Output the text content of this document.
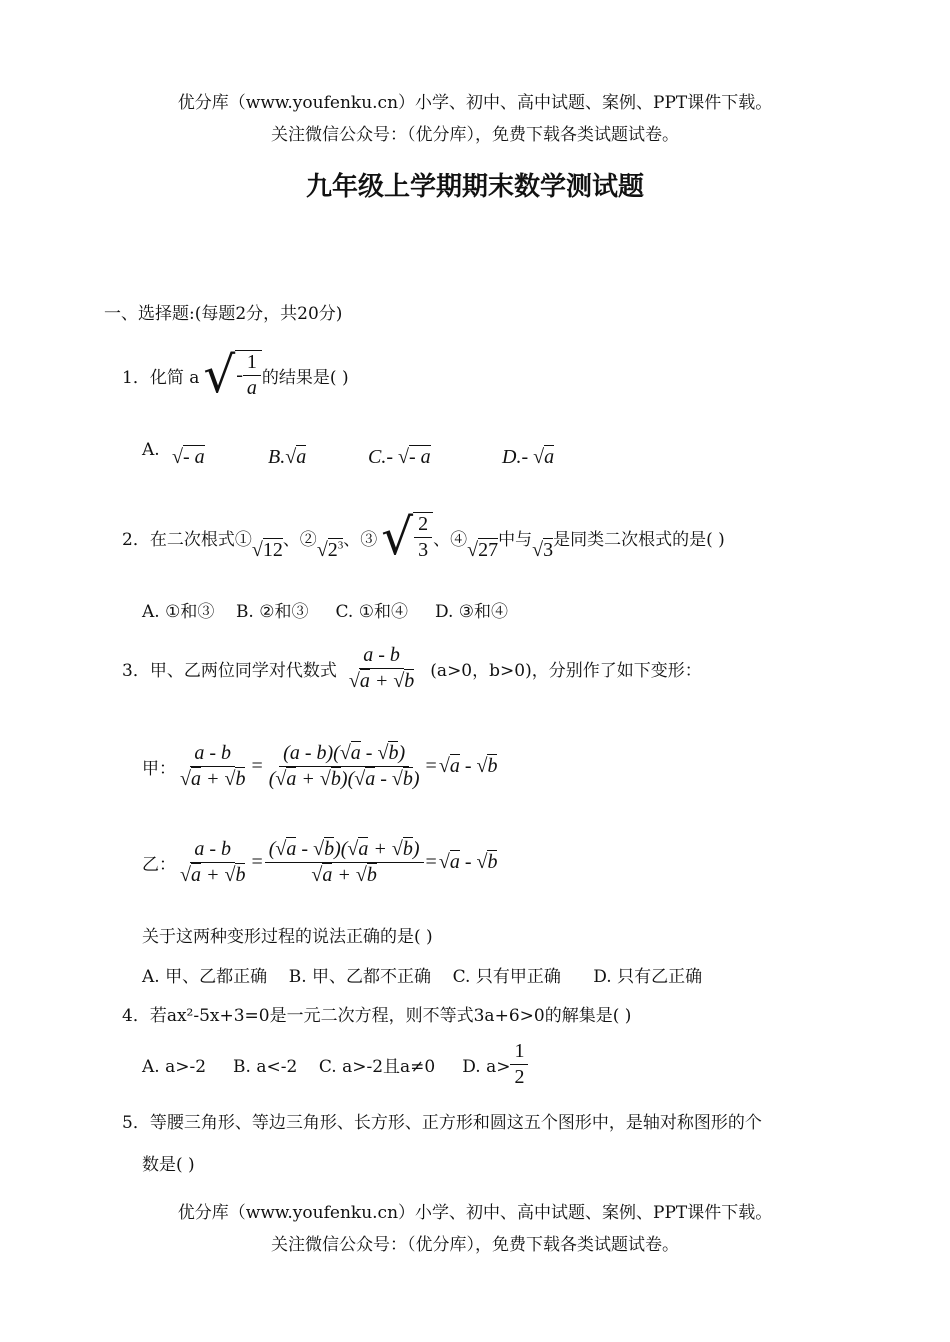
优分库（www.youfenku.cn）小学、初中、高中试题、案例、PPT课件下载。
关注微信公众号：（优分库），免费下载各类试题试卷。
九年级上学期期末数学测试题
一、选择题:(每题2分，共20分)
1．化简 a √ - $\frac{1}{a}$ 的结果是( )
A. √- a	B.√a	C.- √- a	D.- √a
2．在二次根式① √12 、② $√2^3$ 、③ √ $\frac{2}{3}$ 、④ √27 中与 √3 是同类二次根式的是( )
A. ①和③    B. ②和③     C. ①和④     D. ③和④
3．甲、乙两位同学对代数式 $\frac{a - b}{√a + √b} (a>0$，b>0)，分别作了如下变形：
甲： $\frac{a - b}{√a + √b} = \frac{(a - b)(√a - √b)}{(√a + √b)(√a - √b)} = √a - √b$
乙： $\frac{a - b}{√a + √b} = \frac{(√a - √b)(√a + √b)}{√a + √b} = √a - √b$
关于这两种变形过程的说法正确的是( )
A. 甲、乙都正确    B. 甲、乙都不正确    C. 只有甲正确      D. 只有乙正确
4．若ax²-5x+3=0是一元二次方程，则不等式3a+6>0的解集是( )
A. a>-2     B. a<-2    C. a>-2且a≠0     D. $a> \frac{1}{2}$
5．等腰三角形、等边三角形、长方形、正方形和圆这五个图形中，是轴对称图形的个
数是( )
优分库（www.youfenku.cn）小学、初中、高中试题、案例、PPT课件下载。
关注微信公众号：（优分库），免费下载各类试题试卷。
